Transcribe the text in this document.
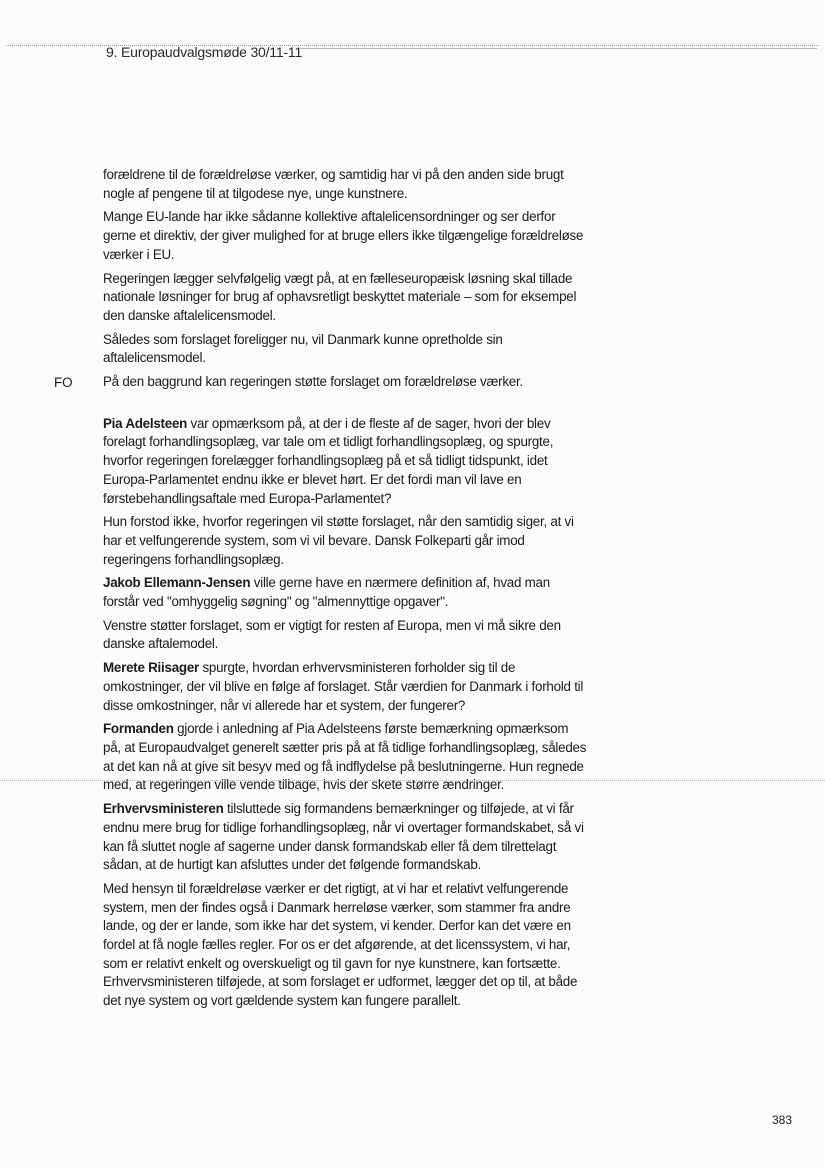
9. Europaudvalgsmøde 30/11-11
FO

forældrene til de forældreløse værker, og samtidig har vi på den anden side brugt nogle af pengene til at tilgodese nye, unge kunstnere.

Mange EU-lande har ikke sådanne kollektive aftalelicensordninger og ser derfor gerne et direktiv, der giver mulighed for at bruge ellers ikke tilgængelige forældreløse værker i EU.

Regeringen lægger selvfølgelig vægt på, at en fælleseuropæisk løsning skal tillade nationale løsninger for brug af ophavsretligt beskyttet materiale – som for eksempel den danske aftalelicensmodel.

Således som forslaget foreligger nu, vil Danmark kunne opretholde sin aftalelicensmodel.

På den baggrund kan regeringen støtte forslaget om forældreløse værker.

Pia Adelsteen var opmærksom på, at der i de fleste af de sager, hvori der blev forelagt forhandlingsoplæg, var tale om et tidligt forhandlingsoplæg, og spurgte, hvorfor regeringen forelægger forhandlingsoplæg på et så tidligt tidspunkt, idet Europa-Parlamentet endnu ikke er blevet hørt. Er det fordi man vil lave en førstebehandlingsaftale med Europa-Parlamentet?

Hun forstod ikke, hvorfor regeringen vil støtte forslaget, når den samtidig siger, at vi har et velfungerende system, som vi vil bevare. Dansk Folkeparti går imod regeringens forhandlingsoplæg.

Jakob Ellemann-Jensen ville gerne have en nærmere definition af, hvad man forstår ved "omhyggelig søgning" og "almennyttige opgaver".

Venstre støtter forslaget, som er vigtigt for resten af Europa, men vi må sikre den danske aftalemodel.

Merete Riisager spurgte, hvordan erhvervsministeren forholder sig til de omkostninger, der vil blive en følge af forslaget. Står værdien for Danmark i forhold til disse omkostninger, når vi allerede har et system, der fungerer?

Formanden gjorde i anledning af Pia Adelsteens første bemærkning opmærksom på, at Europaudvalget generelt sætter pris på at få tidlige forhandlingsoplæg, således at det kan nå at give sit besyv med og få indflydelse på beslutningerne. Hun regnede med, at regeringen ville vende tilbage, hvis der skete større ændringer.

Erhvervsministeren tilsluttede sig formandens bemærkninger og tilføjede, at vi får endnu mere brug for tidlige forhandlingsoplæg, når vi overtager formandskabet, så vi kan få sluttet nogle af sagerne under dansk formandskab eller få dem tilrettelagt sådan, at de hurtigt kan afsluttes under det følgende formandskab.

Med hensyn til forældreløse værker er det rigtigt, at vi har et relativt velfungerende system, men der findes også i Danmark herreløse værker, som stammer fra andre lande, og der er lande, som ikke har det system, vi kender. Derfor kan det være en fordel at få nogle fælles regler. For os er det afgørende, at det licenssystem, vi har, som er relativt enkelt og overskueligt og til gavn for nye kunstnere, kan fortsætte. Erhvervsministeren tilføjede, at som forslaget er udformet, lægger det op til, at både det nye system og vort gældende system kan fungere parallelt.

383
